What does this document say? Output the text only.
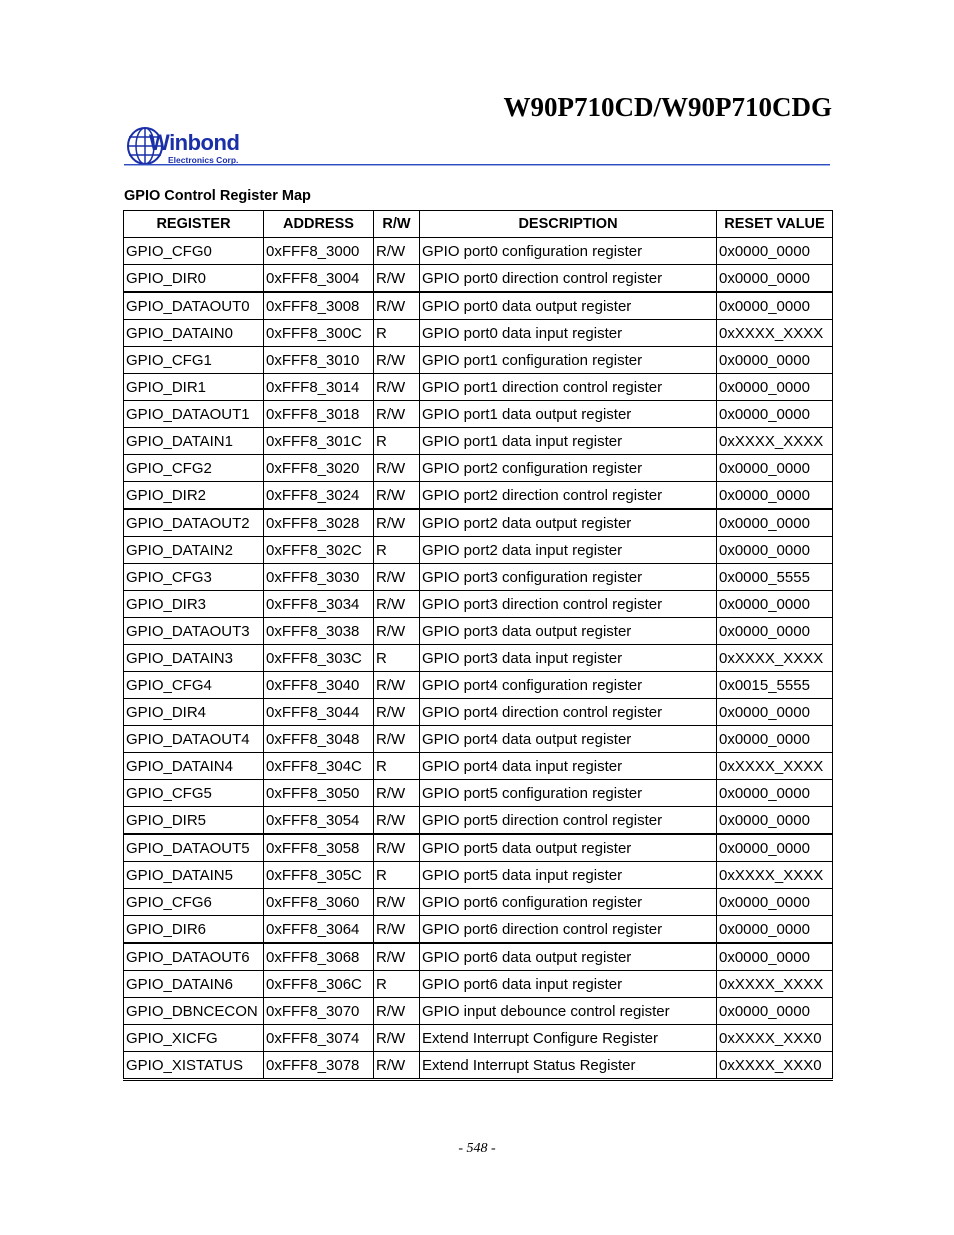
W90P710CD/W90P710CDG
Winbond
Electronics Corp.
GPIO Control Register Map
REGISTER	ADDRESS	R/W	DESCRIPTION	RESET VALUE
GPIO_CFG0	0xFFF8_3000	R/W	GPIO port0 configuration register	0x0000_0000
GPIO_DIR0	0xFFF8_3004	R/W	GPIO port0 direction control register	0x0000_0000
GPIO_DATAOUT0	0xFFF8_3008	R/W	GPIO port0 data output register	0x0000_0000
GPIO_DATAIN0	0xFFF8_300C	R	GPIO port0 data input register	0xXXXX_XXXX
GPIO_CFG1	0xFFF8_3010	R/W	GPIO port1 configuration register	0x0000_0000
GPIO_DIR1	0xFFF8_3014	R/W	GPIO port1 direction control register	0x0000_0000
GPIO_DATAOUT1	0xFFF8_3018	R/W	GPIO port1 data output register	0x0000_0000
GPIO_DATAIN1	0xFFF8_301C	R	GPIO port1 data input register	0xXXXX_XXXX
GPIO_CFG2	0xFFF8_3020	R/W	GPIO port2 configuration register	0x0000_0000
GPIO_DIR2	0xFFF8_3024	R/W	GPIO port2 direction control register	0x0000_0000
GPIO_DATAOUT2	0xFFF8_3028	R/W	GPIO port2 data output register	0x0000_0000
GPIO_DATAIN2	0xFFF8_302C	R	GPIO port2 data input register	0x0000_0000
GPIO_CFG3	0xFFF8_3030	R/W	GPIO port3 configuration register	0x0000_5555
GPIO_DIR3	0xFFF8_3034	R/W	GPIO port3 direction control register	0x0000_0000
GPIO_DATAOUT3	0xFFF8_3038	R/W	GPIO port3 data output register	0x0000_0000
GPIO_DATAIN3	0xFFF8_303C	R	GPIO port3 data input register	0xXXXX_XXXX
GPIO_CFG4	0xFFF8_3040	R/W	GPIO port4 configuration register	0x0015_5555
GPIO_DIR4	0xFFF8_3044	R/W	GPIO port4 direction control register	0x0000_0000
GPIO_DATAOUT4	0xFFF8_3048	R/W	GPIO port4 data output register	0x0000_0000
GPIO_DATAIN4	0xFFF8_304C	R	GPIO port4 data input register	0xXXXX_XXXX
GPIO_CFG5	0xFFF8_3050	R/W	GPIO port5 configuration register	0x0000_0000
GPIO_DIR5	0xFFF8_3054	R/W	GPIO port5 direction control register	0x0000_0000
GPIO_DATAOUT5	0xFFF8_3058	R/W	GPIO port5 data output register	0x0000_0000
GPIO_DATAIN5	0xFFF8_305C	R	GPIO port5 data input register	0xXXXX_XXXX
GPIO_CFG6	0xFFF8_3060	R/W	GPIO port6 configuration register	0x0000_0000
GPIO_DIR6	0xFFF8_3064	R/W	GPIO port6 direction control register	0x0000_0000
GPIO_DATAOUT6	0xFFF8_3068	R/W	GPIO port6 data output register	0x0000_0000
GPIO_DATAIN6	0xFFF8_306C	R	GPIO port6 data input register	0xXXXX_XXXX
GPIO_DBNCECON	0xFFF8_3070	R/W	GPIO input debounce control register	0x0000_0000
GPIO_XICFG	0xFFF8_3074	R/W	Extend Interrupt Configure Register	0xXXXX_XXX0
GPIO_XISTATUS	0xFFF8_3078	R/W	Extend Interrupt Status Register	0xXXXX_XXX0
- 548 -
